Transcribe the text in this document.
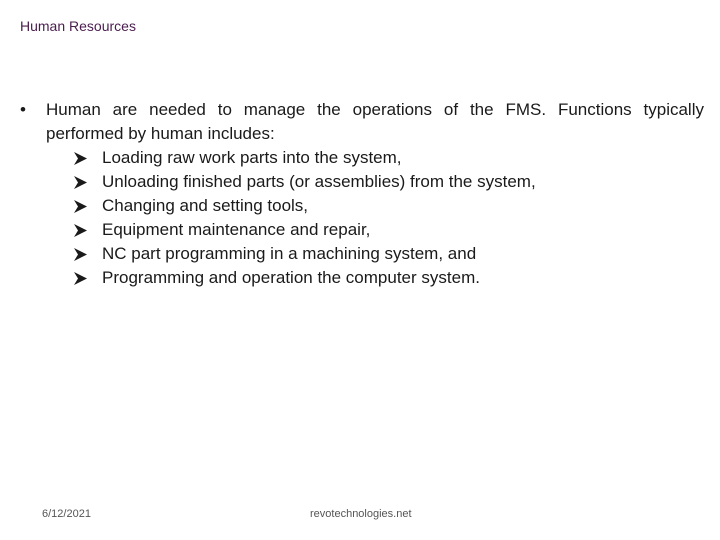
Human Resources
•	Human are needed to manage the operations of the FMS. Functions typically performed by human includes:
Loading raw work parts into the system,
Unloading finished parts (or assemblies) from the system,
Changing and setting tools,
Equipment maintenance and repair,
NC part programming in a machining system, and
Programming and operation the computer system.
6/12/2021	revotechnologies.net
